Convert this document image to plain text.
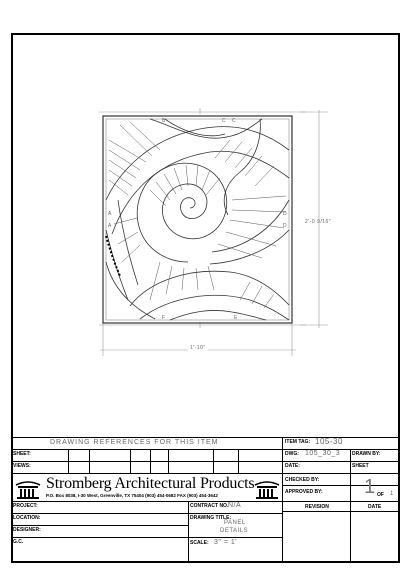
B	C C
F	E
A
A
D
D
2'-0 9/16"
1'-10"
DRAWING REFERENCES FOR THIS ITEM	ITEM TAG: 105-30
SHEET:
VIEWS:
DWG: 105_30_3 DRAWN BY:
DATE:	SHEET
CHECKED BY:
APPROVED BY: 1 OF 1
Stromberg Architectural Products
P.O. Box 8038, I-30 West, Greenville, TX 75404 (903) 454-0682 FAX (903) 454-3642
PROJECT:
LOCATION:
DESIGNER:
G.C.
CONTRACT NO. N/A
DRAWING TITLE:
PANEL
DETAILS
SCALE: 3" = 1'
REVISION	DATE
